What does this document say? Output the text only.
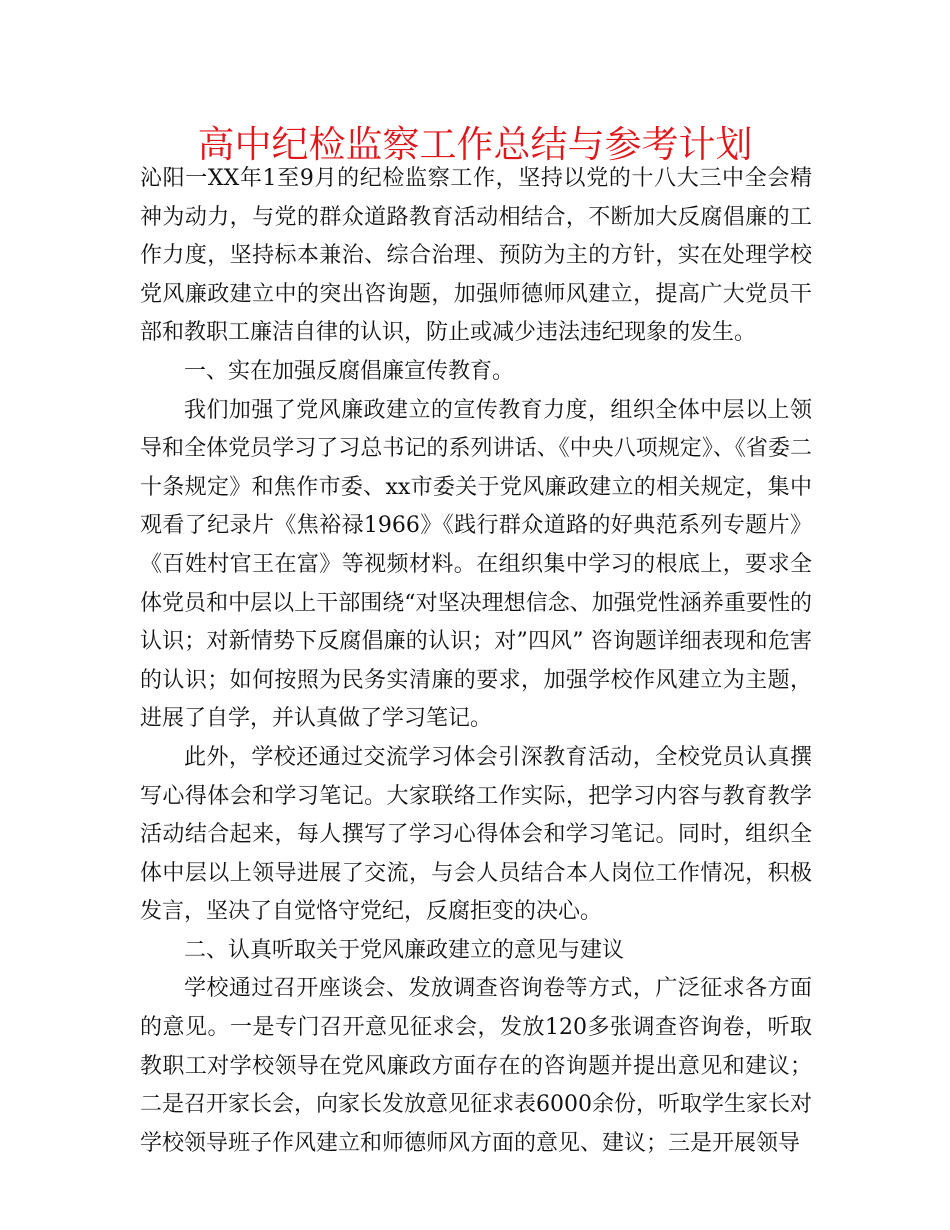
高中纪检监察工作总结与参考计划

沁阳一XX年1至9月的纪检监察工作，坚持以党的十八大三中全会精神为动力，与党的群众道路教育活动相结合，不断加大反腐倡廉的工作力度，坚持标本兼治、综合治理、预防为主的方针，实在处理学校党风廉政建立中的突出咨询题，加强师德师风建立，提高广大党员干部和教职工廉洁自律的认识，防止或减少违法违纪现象的发生。

一、实在加强反腐倡廉宣传教育。

我们加强了党风廉政建立的宣传教育力度，组织全体中层以上领导和全体党员学习了习总书记的系列讲话、《中央八项规定》、《省委二十条规定》和焦作市委、xx市委关于党风廉政建立的相关规定，集中观看了纪录片《焦裕禄1966》《践行群众道路的好典范系列专题片》《百姓村官王在富》等视频材料。在组织集中学习的根底上，要求全体党员和中层以上干部围绕“对坚决理想信念、加强党性涵养重要性的认识；对新情势下反腐倡廉的认识；对”四风” 咨询题详细表现和危害的认识；如何按照为民务实清廉的要求，加强学校作风建立为主题，进展了自学，并认真做了学习笔记。

此外，学校还通过交流学习体会引深教育活动，全校党员认真撰写心得体会和学习笔记。大家联络工作实际，把学习内容与教育教学活动结合起来，每人撰写了学习心得体会和学习笔记。同时，组织全体中层以上领导进展了交流，与会人员结合本人岗位工作情况，积极发言，坚决了自觉恪守党纪，反腐拒变的决心。

二、认真听取关于党风廉政建立的意见与建议

学校通过召开座谈会、发放调查咨询卷等方式，广泛征求各方面的意见。一是专门召开意见征求会，发放120多张调查咨询卷，听取教职工对学校领导在党风廉政方面存在的咨询题并提出意见和建议；二是召开家长会，向家长发放意见征求表6000余份，听取学生家长对学校领导班子作风建立和师德师风方面的意见、建议；三是开展领导
